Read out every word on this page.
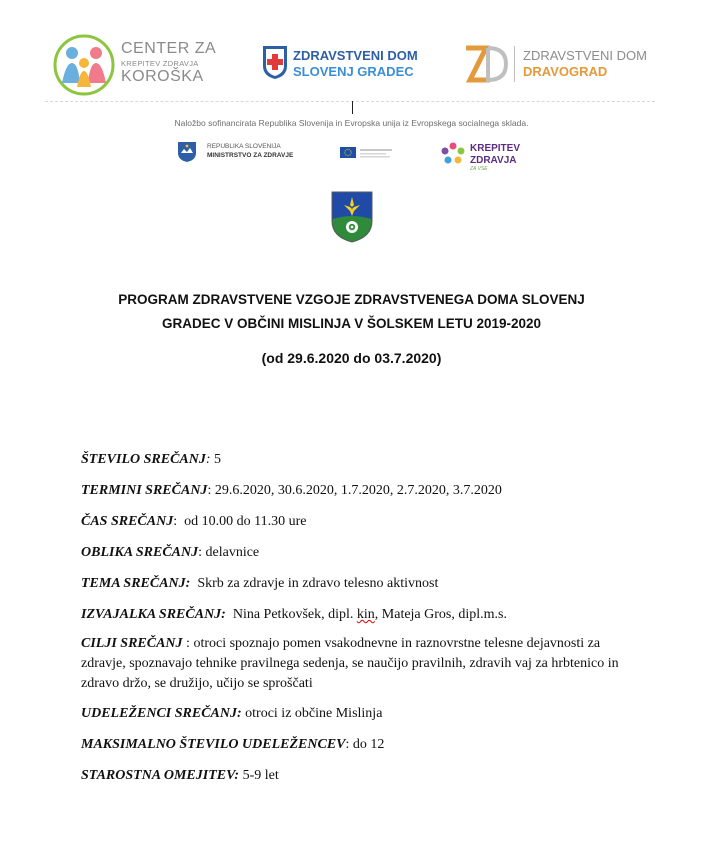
CENTER ZA
KREPITEV ZDRAVJA
KOROŠKA
ZDRAVSTVENI DOM
SLOVENJ GRADEC
ZDRAVSTVENI DOM
DRAVOGRAD
Naložbo sofinancirata Republika Slovenija in Evropska unija iz Evropskega socialnega sklada.
REPUBLIKA SLOVENIJA
MINISTRSTVO ZA ZDRAVJE
KREPITEV
ZDRAVJA
ZA VSE
PROGRAM ZDRAVSTVENE VZGOJE ZDRAVSTVENEGA DOMA SLOVENJ
GRADEC V OBČINI MISLINJA V ŠOLSKEM LETU 2019-2020
(od 29.6.2020 do 03.7.2020)
ŠTEVILO SREČANJ: 5
TERMINI SREČANJ: 29.6.2020, 30.6.2020, 1.7.2020, 2.7.2020, 3.7.2020
ČAS SREČANJ:  od 10.00 do 11.30 ure
OBLIKA SREČANJ: delavnice
TEMA SREČANJ: Skrb za zdravje in zdravo telesno aktivnost
IZVAJALKA SREČANJ: Nina Petkovšek, dipl. kin, Mateja Gros, dipl.m.s.
CILJI SREČANJ : otroci spoznajo pomen vsakodnevne in raznovrstne telesne dejavnosti za zdravje, spoznavajo tehnike pravilnega sedenja, se naučijo pravilnih, zdravih vaj za hrbtenico in zdravo držo, se družijo, učijo se sproščati
UDELEŽENCI SREČANJ: otroci iz občine Mislinja
MAKSIMALNO ŠTEVILO UDELEŽENCEV: do 12
STAROSTNA OMEJITEV: 5-9 let
